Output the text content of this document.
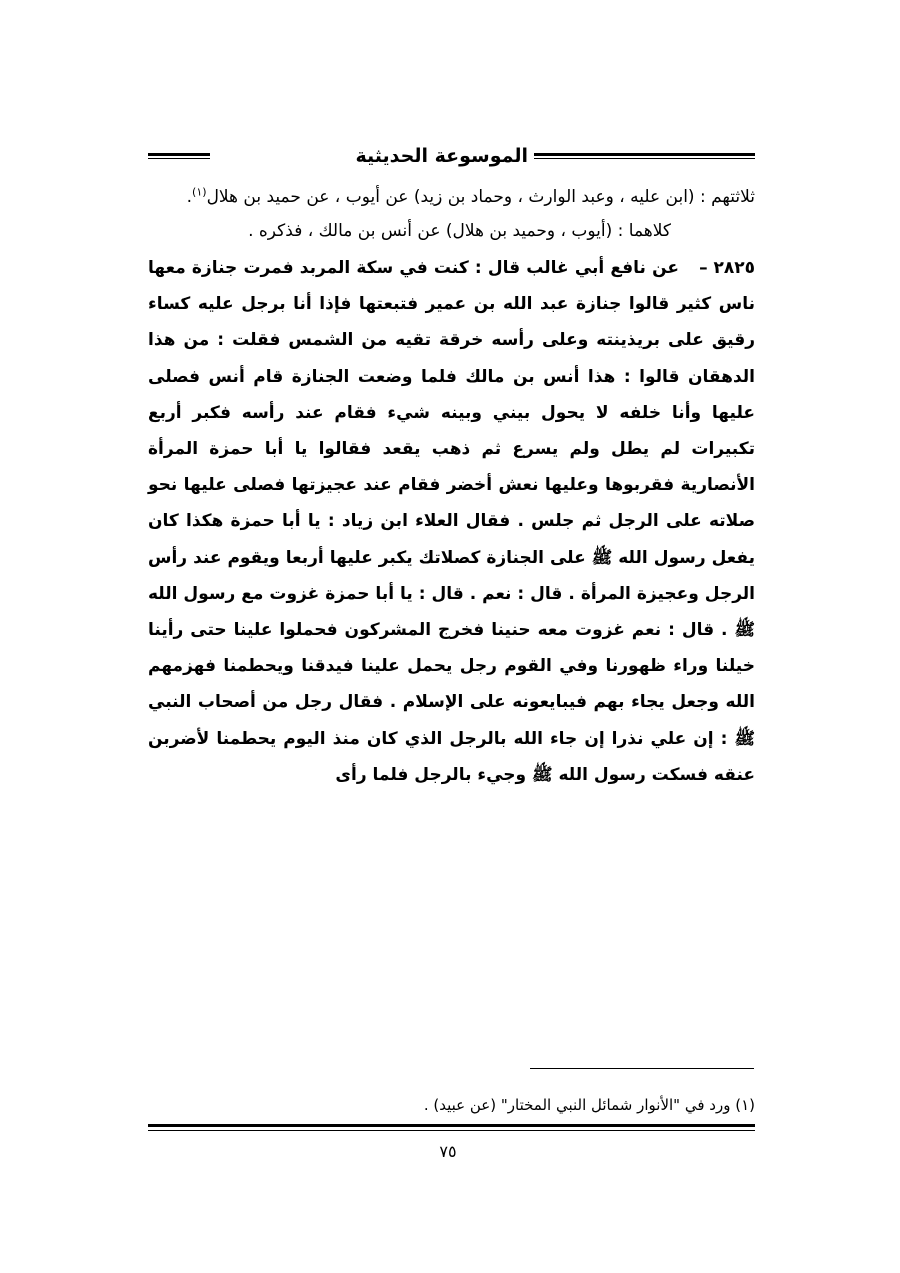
الموسوعة الحديثية

ثلاثتهم : (ابن عليه ، وعبد الوارث ، وحماد بن زيد) عن أيوب ، عن حميد بن هلال$^{(١)}$.

كلاهما : (أيوب ، وحميد بن هلال) عن أنس بن مالك ، فذكره .

٢٨٢٥ –

عن نافع أبي غالب قال : كنت في سكة المربد فمرت جنازة معها ناس كثير قالوا جنازة عبد الله بن عمير فتبعتها فإذا أنا برجل عليه كساء رقيق على بريذينته وعلى رأسه خرقة تقيه من الشمس فقلت : من هذا الدهقان قالوا : هذا أنس بن مالك فلما وضعت الجنازة قام أنس فصلى عليها وأنا خلفه لا يحول بيني وبينه شيء فقام عند رأسه فكبر أربع تكبيرات لم يطل ولم يسرع ثم ذهب يقعد فقالوا يا أبا حمزة المرأة الأنصارية فقربوها وعليها نعش أخضر فقام عند عجيزتها فصلى عليها نحو صلاته على الرجل ثم جلس . فقال العلاء ابن زياد : يا أبا حمزة هكذا كان يفعل رسول الله ﷺ على الجنازة كصلاتك يكبر عليها أربعا ويقوم عند رأس الرجل وعجيزة المرأة . قال : نعم . قال : يا أبا حمزة غزوت مع رسول الله ﷺ . قال : نعم غزوت معه حنينا فخرج المشركون فحملوا علينا حتى رأينا خيلنا وراء ظهورنا وفي القوم رجل يحمل علينا فيدقنا ويحطمنا فهزمهم الله وجعل يجاء بهم فيبايعونه على الإسلام . فقال رجل من أصحاب النبي ﷺ : إن علي نذرا إن جاء الله بالرجل الذي كان منذ اليوم يحطمنا لأضربن عنقه فسكت رسول الله ﷺ وجيء بالرجل فلما رأى

(١) ورد في "الأنوار شمائل النبي المختار" (عن عبيد) .
٧٥
